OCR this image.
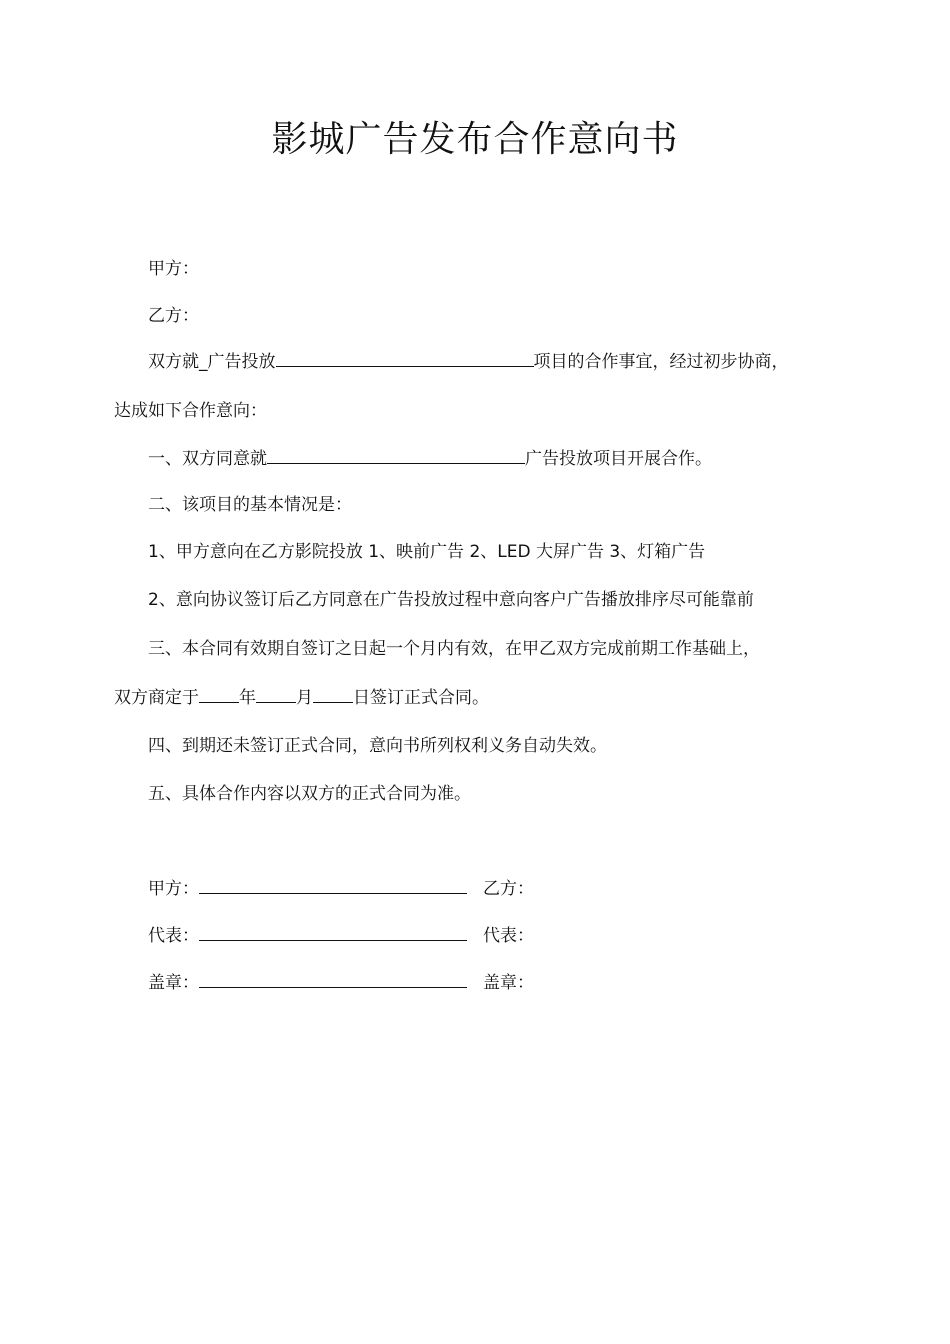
影城广告发布合作意向书
甲方：
乙方：
双方就_广告投放	项目的合作事宜，经过初步协商，
达成如下合作意向：
一、双方同意就	广告投放项目开展合作。
二、该项目的基本情况是：
1、甲方意向在乙方影院投放 1、映前广告 2、LED 大屏广告 3、灯箱广告
2、意向协议签订后乙方同意在广告投放过程中意向客户广告播放排序尽可能靠前
三、本合同有效期自签订之日起一个月内有效，在甲乙双方完成前期工作基础上，
双方商定于 年 月 日签订正式合同。
四、到期还未签订正式合同，意向书所列权利义务自动失效。
五、具体合作内容以双方的正式合同为准。
甲方：	乙方：
代表：	代表：
盖章：	盖章：
